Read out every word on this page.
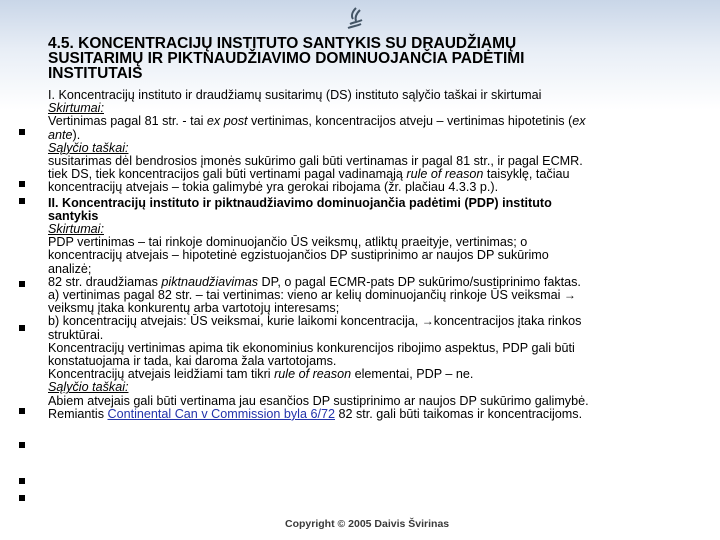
4.5. KONCENTRACIJŲ INSTITUTO SANTYKIS SU DRAUDŽIAMŲ
SUSITARIMŲ IR PIKTNAUDŽIAVIMO DOMINUOJANČIA PADĖTIMI
INSTITUTAIS
I. Koncentracijų instituto ir draudžiamų susitarimų (DS) instituto sąlyčio taškai ir skirtumai
Skirtumai:
Vertinimas pagal 81 str. - tai ex post vertinimas, koncentracijos atveju – vertinimas hipotetinis (ex
ante).
Sąlyčio taškai:
susitarimas dėl bendrosios įmonės sukūrimo gali būti vertinamas ir pagal 81 str., ir pagal ECMR.
tiek DS, tiek koncentracijos gali būti vertinami pagal vadinamąją rule of reason taisyklę, tačiau
koncentracijų atvejais – tokia galimybė yra gerokai ribojama (žr. plačiau 4.3.3 p.).
II. Koncentracijų instituto ir piktnaudžiavimo dominuojančia padėtimi (PDP) instituto
santykis
Skirtumai:
PDP vertinimas – tai rinkoje dominuojančio ŪS veiksmų, atliktų praeityje, vertinimas; o
koncentracijų atvejais – hipotetinė egzistuojančios DP sustiprinimo ar naujos DP sukūrimo
analizė;
82 str. draudžiamas piktnaudžiavimas DP, o pagal ECMR-pats DP sukūrimo/sustiprinimo faktas.
a) vertinimas pagal 82 str. – tai vertinimas: vieno ar kelių dominuojančių rinkoje ŪS veiksmai →
veiksmų įtaka konkurentų arba vartotojų interesams;
b) koncentracijų atvejais: ŪS veiksmai, kurie laikomi koncentracija, →koncentracijos įtaka rinkos
struktūrai.
Koncentracijų vertinimas apima tik ekonominius konkurencijos ribojimo aspektus, PDP gali būti
konstatuojama ir tada, kai daroma žala vartotojams.
Koncentracijų atvejais leidžiami tam tikri rule of reason elementai, PDP – ne.
Sąlyčio taškai:
Abiem atvejais gali būti vertinama jau esančios DP sustiprinimo ar naujos DP sukūrimo galimybė.
Remiantis Continental Can v Commission byla 6/72 82 str. gali būti taikomas ir koncentracijoms.
Copyright © 2005 Daivis Švirinas
